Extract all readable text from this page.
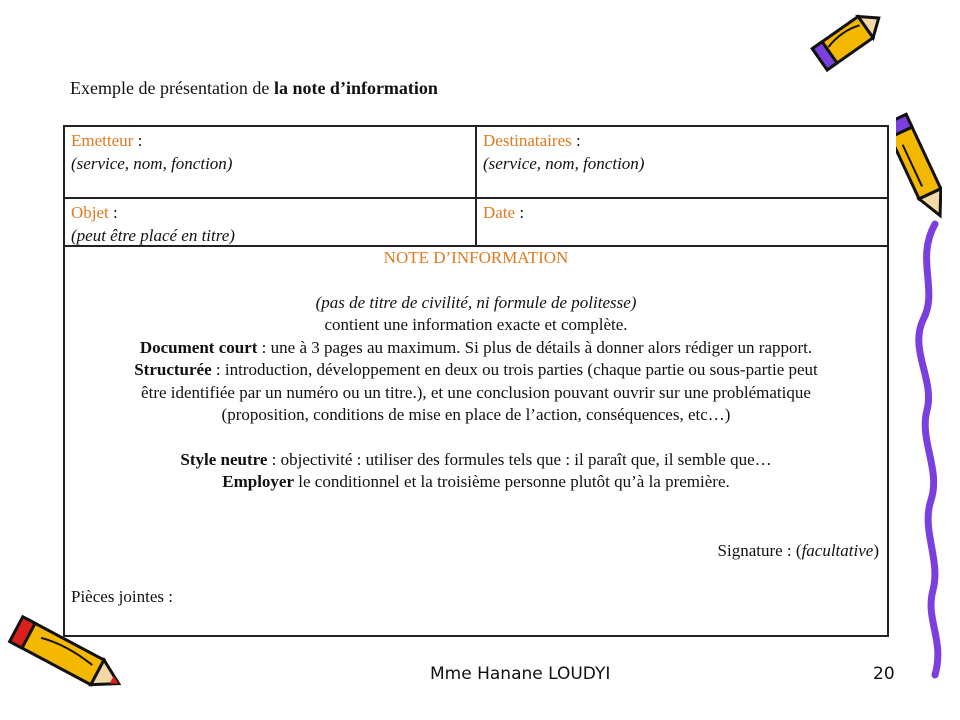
Exemple de présentation de la note d’information
Emetteur :
(service, nom, fonction)
Destinataires :
(service, nom, fonction)
Objet :
(peut être placé en titre)
Date :
NOTE D’INFORMATION
(pas de titre de civilité, ni formule de politesse)
contient une information exacte et complète.
Document court : une à 3 pages au maximum. Si plus de détails à donner alors rédiger un rapport.
Structurée : introduction, développement en deux ou trois parties (chaque partie ou sous-partie peut
être identifiée par un numéro ou un titre.), et une conclusion pouvant ouvrir sur une problématique
(proposition, conditions de mise en place de l’action, conséquences, etc…)
Style neutre : objectivité : utiliser des formules tels que : il paraît que, il semble que…
Employer le conditionnel et la troisième personne plutôt qu’à la première.
Signature : (facultative)
Pièces jointes :
Mme Hanane LOUDYI	20
